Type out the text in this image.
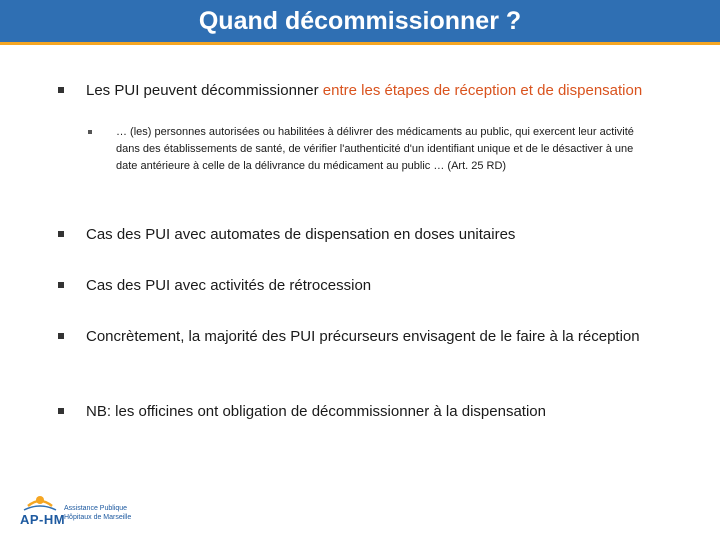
Quand décommissionner ?
Les PUI peuvent décommissionner entre les étapes de réception et de dispensation
… (les) personnes autorisées ou habilitées à délivrer des médicaments au public, qui exercent leur activité dans des établissements de santé, de vérifier l'authenticité d'un identifiant unique et de le désactiver à une date antérieure à celle de la délivrance du médicament au public … (Art. 25 RD)
Cas des PUI avec automates de dispensation en doses unitaires
Cas des PUI avec activités de rétrocession
Concrètement, la majorité des PUI précurseurs envisagent de le faire à la réception
NB: les officines ont obligation de décommissionner à la dispensation
AP-HM
Assistance Publique Hôpitaux de Marseille
